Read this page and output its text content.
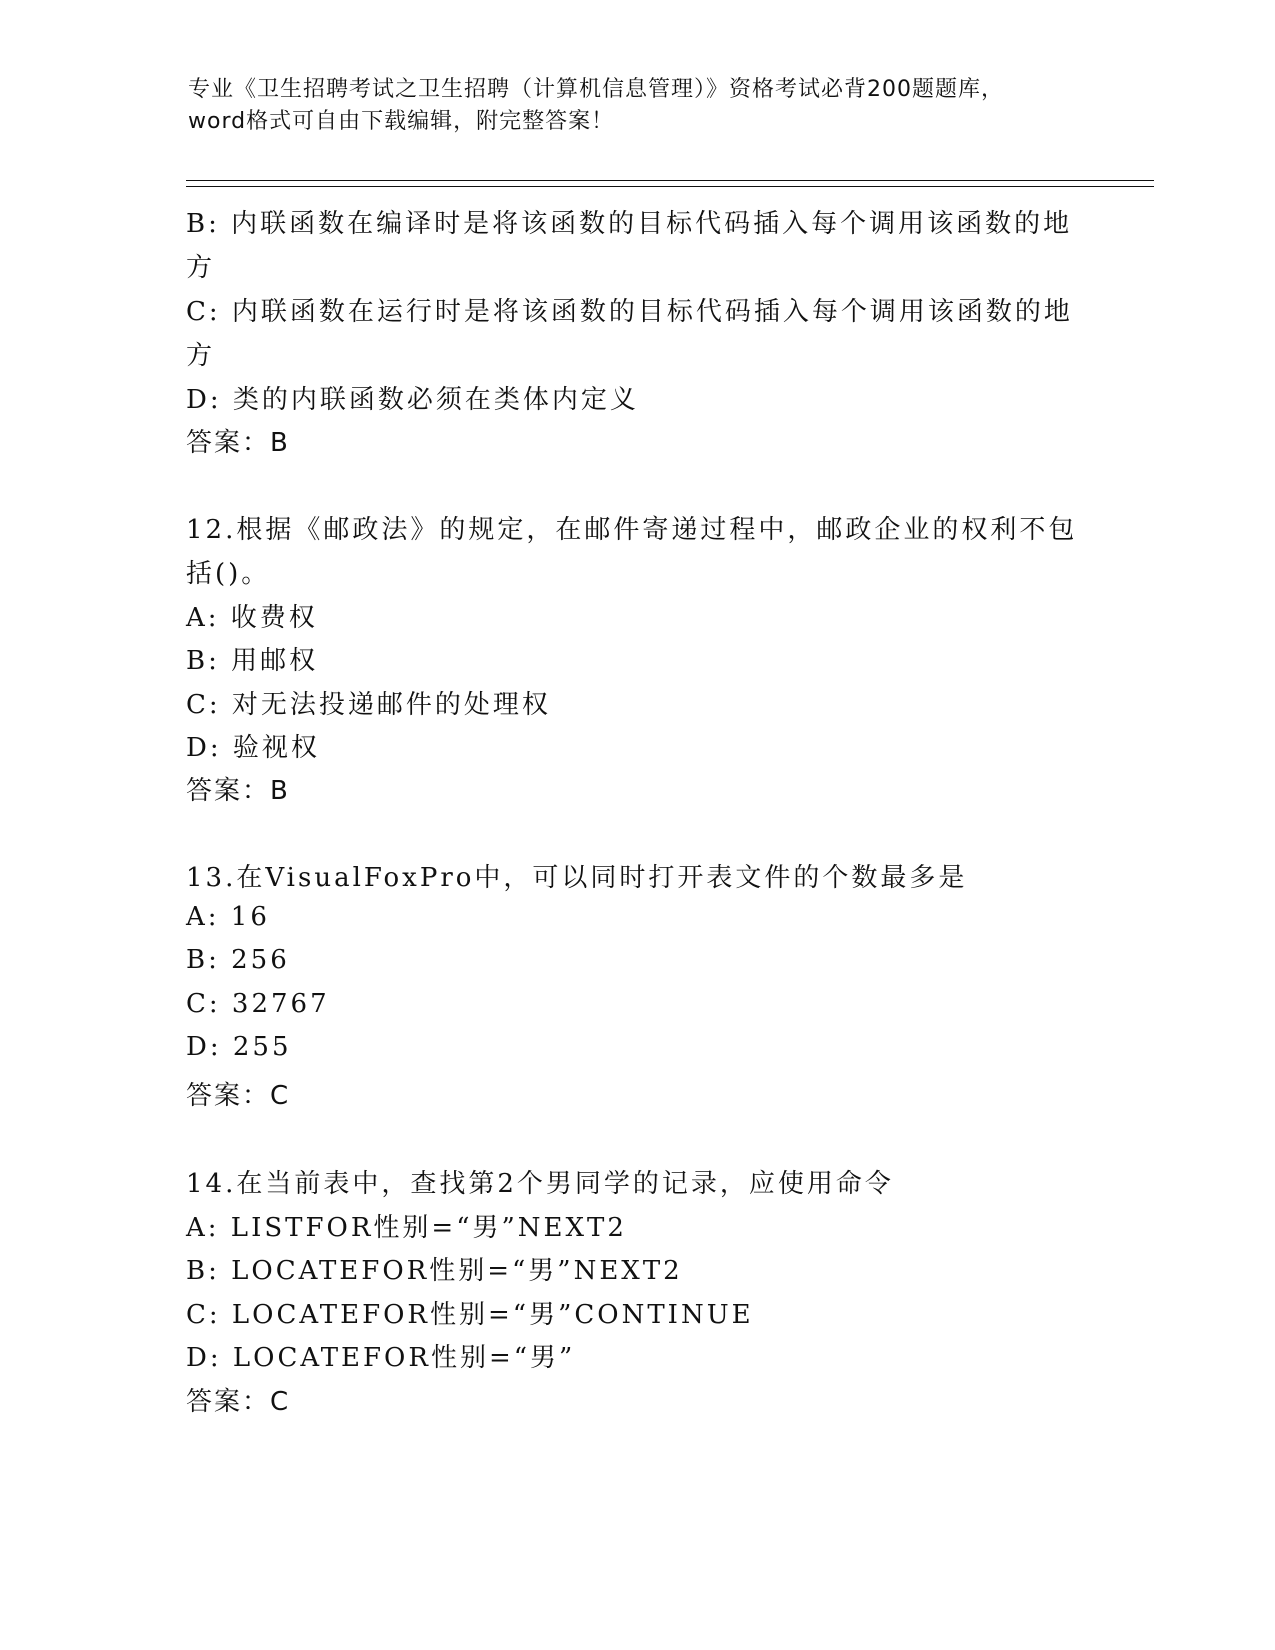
专业《卫生招聘考试之卫生招聘（计算机信息管理）》资格考试必背200题题库，
word格式可自由下载编辑，附完整答案！
B: 内联函数在编译时是将该函数的目标代码插入每个调用该函数的地
方
C: 内联函数在运行时是将该函数的目标代码插入每个调用该函数的地
方
D: 类的内联函数必须在类体内定义
答案：B
12.根据《邮政法》的规定，在邮件寄递过程中，邮政企业的权利不包
括()。
A: 收费权
B: 用邮权
C: 对无法投递邮件的处理权
D: 验视权
答案：B
13.在VisualFoxPro中，可以同时打开表文件的个数最多是
A: 16
B: 256
C: 32767
D: 255
答案：C
14.在当前表中，查找第2个男同学的记录，应使用命令
A: LISTFOR性别=“男”NEXT2
B: LOCATEFOR性别=“男”NEXT2
C: LOCATEFOR性别=“男”CONTINUE
D: LOCATEFOR性别=“男”
答案：C
